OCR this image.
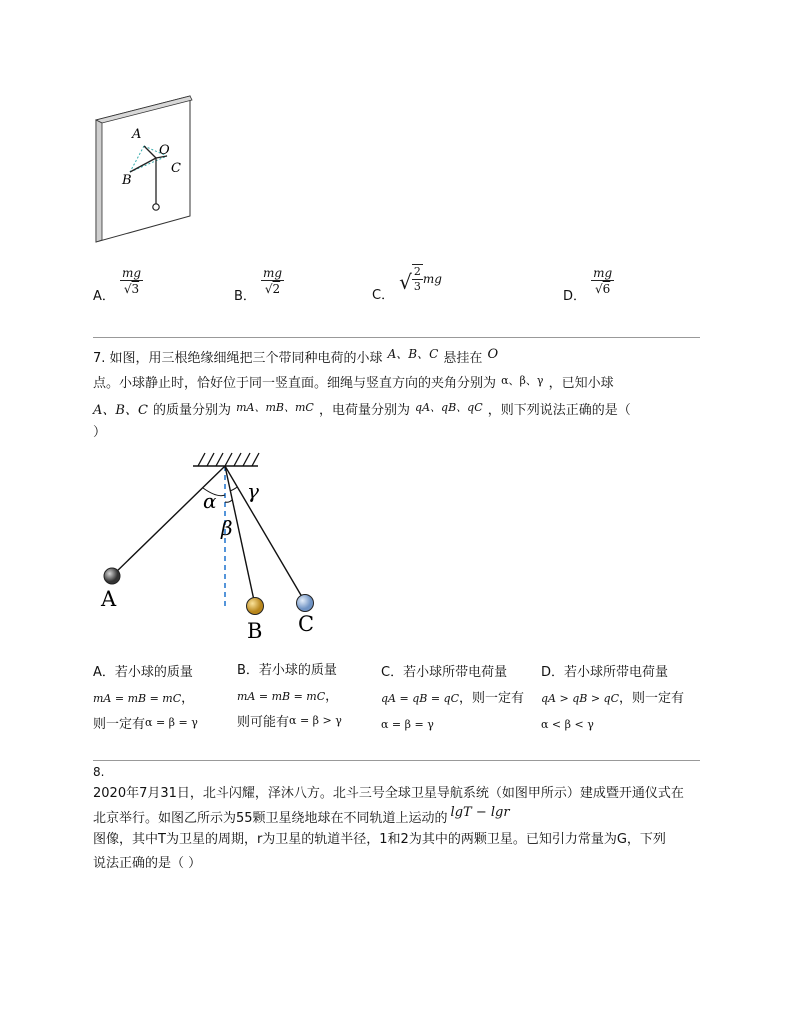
A
O
B
C
$_{A.} \frac{mg}{√3}$	$_{B.} \frac{mg}{√2}$	$_{C.}$ √ $\frac{2}{3}$ mg
$_{D.} \frac{mg}{√6}$
7. 如图，用三根绝缘细绳把三个带同种电荷的小球 $^{A、B、C}$ 悬挂在 $^O$
点。小球静止时，恰好位于同一竖直面。细绳与竖直方向的夹角分别为 α、β、γ ，已知小球
A、B、C 的质量分别为 mA、mB、mC ，电荷量分别为 qA、qB、qC ，则下列说法正确的是（
）
α
β
γ
A
B C
A．若小球的质量
mA = mB = mC，
则一定有α = β = γ
B．若小球的质量
mA = mB = mC，
则可能有α = β > γ
C．若小球所带电荷量
qA = qB = qC，则一定有
α = β = γ
D．若小球所带电荷量
qA > qB > qC，则一定有
α < β < γ
8.
2020年7月31日，北斗闪耀，泽沐八方。北斗三号全球卫星导航系统（如图甲所示）建成暨开通仪式在
北京举行。如图乙所示为55颗卫星绕地球在不同轨道上运动的 $^{lgT - lgr}$
图像，其中T为卫星的周期，r为卫星的轨道半径，1和2为其中的两颗卫星。已知引力常量为G，下列
说法正确的是（ ）
